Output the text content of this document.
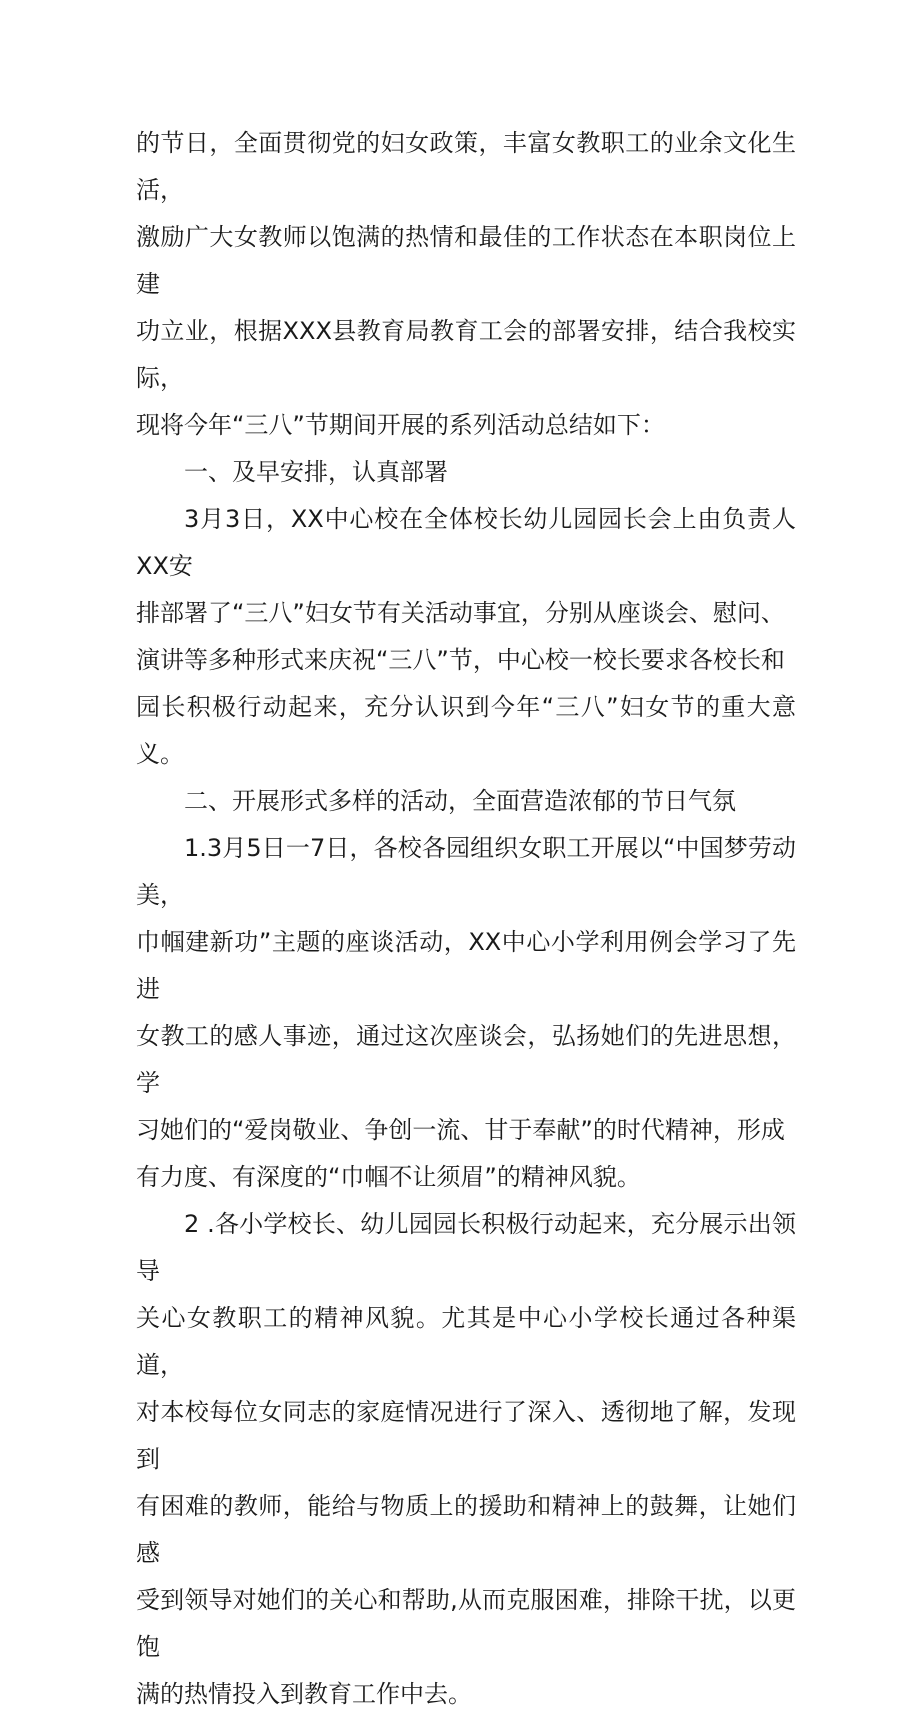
的节日，全面贯彻党的妇女政策，丰富女教职工的业余文化生活，
激励广大女教师以饱满的热情和最佳的工作状态在本职岗位上建
功立业，根据XXX县教育局教育工会的部署安排，结合我校实际，
现将今年“三八”节期间开展的系列活动总结如下：

一、及早安排，认真部署

3月3日，XX中心校在全体校长幼儿园园长会上由负责人XX安
排部署了“三八”妇女节有关活动事宜，分别从座谈会、慰问、
演讲等多种形式来庆祝“三八”节，中心校一校长要求各校长和
园长积极行动起来，充分认识到今年“三八”妇女节的重大意义。

二、开展形式多样的活动，全面营造浓郁的节日气氛

1.3月5日一7日，各校各园组织女职工开展以“中国梦劳动美，
巾帼建新功”主题的座谈活动，XX中心小学利用例会学习了先进
女教工的感人事迹，通过这次座谈会，弘扬她们的先进思想，学
习她们的“爱岗敬业、争创一流、甘于奉献”的时代精神，形成
有力度、有深度的“巾帼不让须眉”的精神风貌。

2 .各小学校长、幼儿园园长积极行动起来，充分展示出领导
关心女教职工的精神风貌。尤其是中心小学校长通过各种渠道，
对本校每位女同志的家庭情况进行了深入、透彻地了解，发现到
有困难的教师，能给与物质上的援助和精神上的鼓舞，让她们感
受到领导对她们的关心和帮助,从而克服困难，排除干扰，以更饱
满的热情投入到教育工作中去。
